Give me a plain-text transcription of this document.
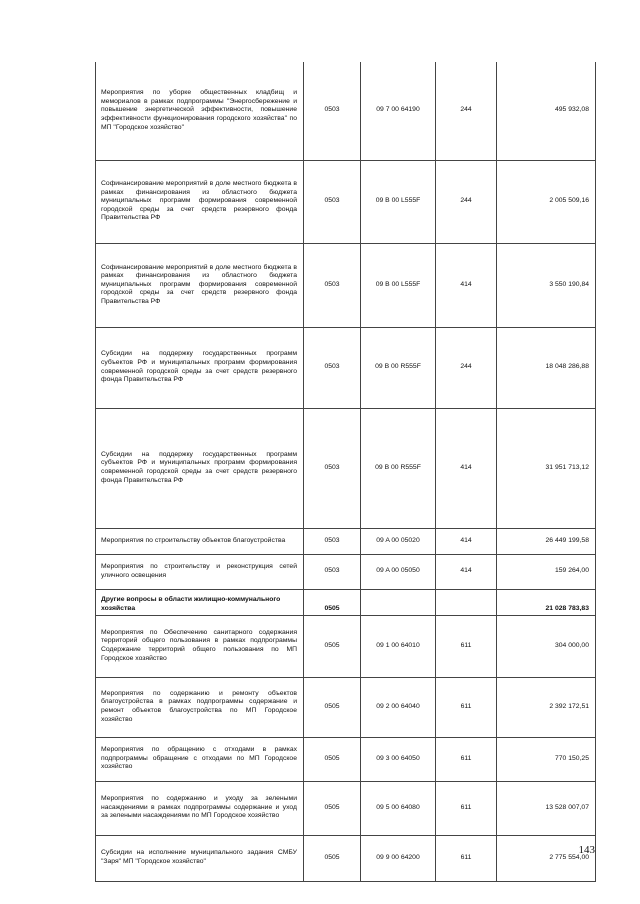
Мероприятия по уборке общественных кладбищ и мемориалов в рамках подпрограммы "Энергосбережение и повышение энергетической эффективности, повышение эффективности функционирования городского хозяйства" по МП "Городское хозяйство"	0503	09 7 00 64190	244	495 932,08
Софинансирование мероприятий в доле местного бюджета в рамках финансирования из областного бюджета муниципальных программ формирования современной городской среды за счет средств резервного фонда Правительства РФ	0503	09 B 00 L555F	244	2 005 509,16
Софинансирование мероприятий в доле местного бюджета в рамках финансирования из областного бюджета муниципальных программ формирования современной городской среды за счет средств резервного фонда Правительства РФ	0503	09 B 00 L555F	414	3 550 190,84
Субсидии на поддержку государственных программ субъектов РФ и муниципальных программ формирования современной городской среды за счет средств резервного фонда Правительства РФ	0503	09 B 00 R555F	244	18 048 286,88
Субсидии на поддержку государственных программ субъектов РФ и муниципальных программ формирования современной городской среды за счет средств резервного фонда Правительства РФ	0503	09 B 00 R555F	414	31 951 713,12
Мероприятия по строительству объектов благоустройства	0503	09 A 00 05020	414	26 449 199,58
Мероприятия по строительству и реконструкция сетей уличного освещения	0503	09 A 00 05050	414	159 264,00
Другие вопросы в области жилищно-коммунального хозяйства	0505			21 028 783,83
Мероприятия по Обеспечению санитарного содержания территорий общего пользования в рамках подпрограммы Содержание территорий общего пользования по МП Городское хозяйство	0505	09 1 00 64010	611	304 000,00
Мероприятия по содержанию и ремонту объектов благоустройства в рамках подпрограммы содержание и ремонт объектов благоустройства по МП Городское хозяйство	0505	09 2 00 64040	611	2 392 172,51
Мероприятия по обращению с отходами в рамках подпрограммы обращение с отходами по МП Городское хозяйство	0505	09 3 00 64050	611	770 150,25
Мероприятия по содержанию и уходу за зелеными насаждениями в рамках подпрограммы содержание и уход за зелеными насаждениями по МП Городское хозяйство	0505	09 5 00 64080	611	13 528 007,07
Субсидии на исполнение муниципального задания СМБУ "Заря" МП "Городское хозяйство"	0505	09 9 00 64200	611	2 775 554,00
143
